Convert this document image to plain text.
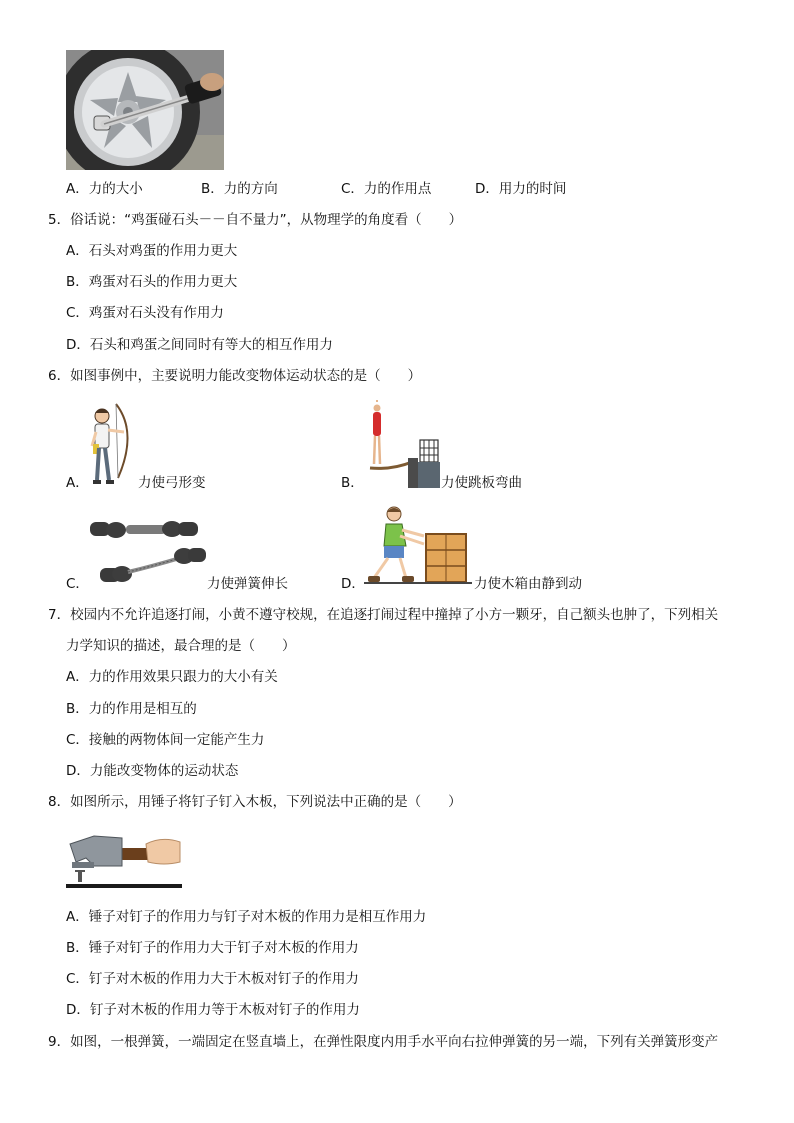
A．力的大小	B．力的方向	C．力的作用点	D．用力的时间
5．俗话说：“鸡蛋碰石头－－自不量力”，从物理学的角度看（　　）
A．石头对鸡蛋的作用力更大
B．鸡蛋对石头的作用力更大
C．鸡蛋对石头没有作用力
D．石头和鸡蛋之间同时有等大的相互作用力
6．如图事例中，主要说明力能改变物体运动状态的是（　　）
A．	力使弓形变	B．	力使跳板弯曲
C．	力使弹簧伸长	D．	力使木箱由静到动
7．校园内不允许追逐打闹，小黄不遵守校规，在追逐打闹过程中撞掉了小方一颗牙，自己额头也肿了，下列相关
力学知识的描述，最合理的是（　　）
A．力的作用效果只跟力的大小有关
B．力的作用是相互的
C．接触的两物体间一定能产生力
D．力能改变物体的运动状态
8．如图所示，用锤子将钉子钉入木板，下列说法中正确的是（　　）
A．锤子对钉子的作用力与钉子对木板的作用力是相互作用力
B．锤子对钉子的作用力大于钉子对木板的作用力
C．钉子对木板的作用力大于木板对钉子的作用力
D．钉子对木板的作用力等于木板对钉子的作用力
9．如图，一根弹簧，一端固定在竖直墙上，在弹性限度内用手水平向右拉伸弹簧的另一端，下列有关弹簧形变产
